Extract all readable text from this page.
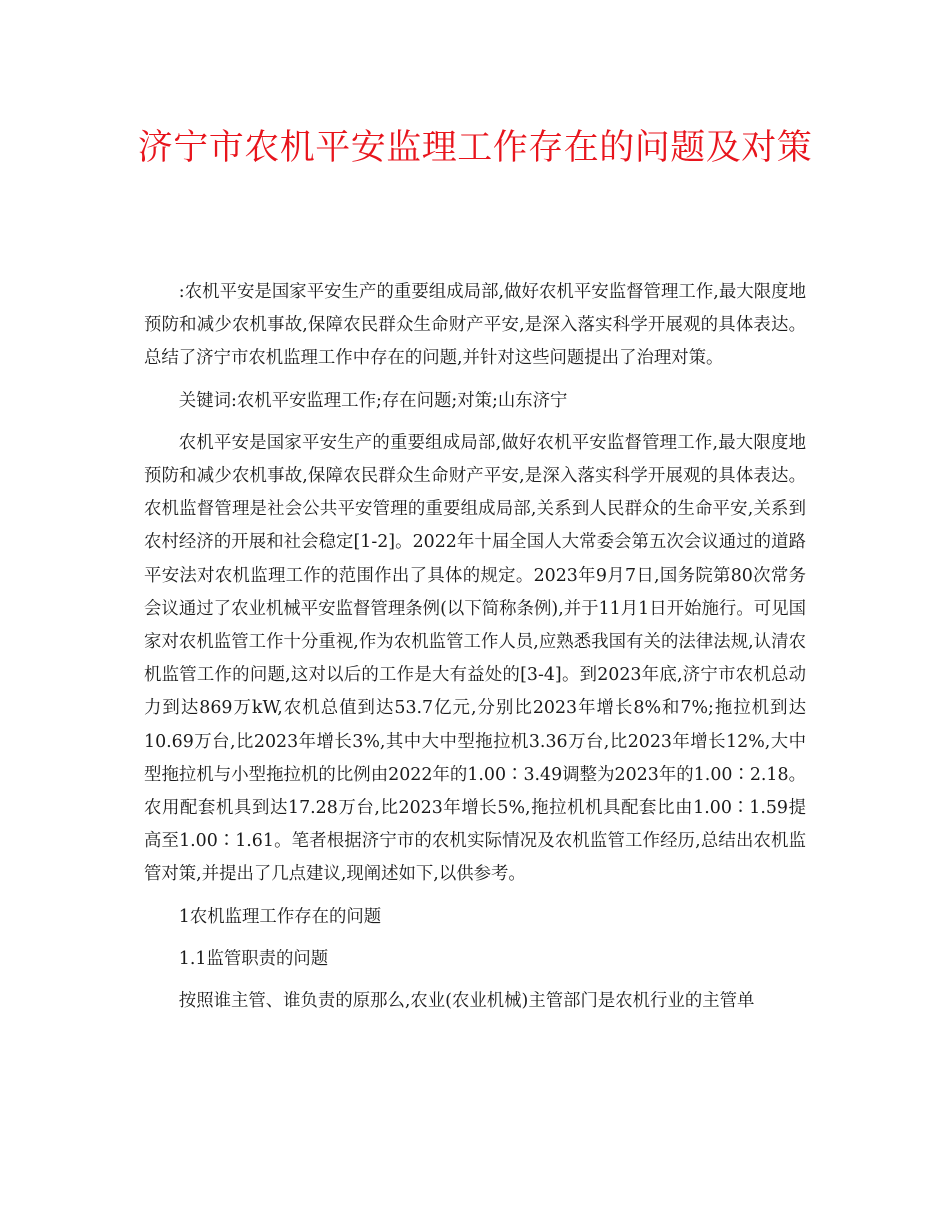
济宁市农机平安监理工作存在的问题及对策

:农机平安是国家平安生产的重要组成局部,做好农机平安监督管理工作,最大限度地预防和减少农机事故,保障农民群众生命财产平安,是深入落实科学开展观的具体表达。总结了济宁市农机监理工作中存在的问题,并针对这些问题提出了治理对策。

关键词:农机平安监理工作;存在问题;对策;山东济宁

农机平安是国家平安生产的重要组成局部,做好农机平安监督管理工作,最大限度地预防和减少农机事故,保障农民群众生命财产平安,是深入落实科学开展观的具体表达。农机监督管理是社会公共平安管理的重要组成局部,关系到人民群众的生命平安,关系到农村经济的开展和社会稳定[1-2]。2022年十届全国人大常委会第五次会议通过的道路平安法对农机监理工作的范围作出了具体的规定。2023年9月7日,国务院第80次常务会议通过了农业机械平安监督管理条例(以下简称条例),并于11月1日开始施行。可见国家对农机监管工作十分重视,作为农机监管工作人员,应熟悉我国有关的法律法规,认清农机监管工作的问题,这对以后的工作是大有益处的[3-4]。到2023年底,济宁市农机总动力到达869万kW,农机总值到达53.7亿元,分别比2023年增长8%和7%;拖拉机到达10.69万台,比2023年增长3%,其中大中型拖拉机3.36万台,比2023年增长12%,大中型拖拉机与小型拖拉机的比例由2022年的1.00∶3.49调整为2023年的1.00∶2.18。农用配套机具到达17.28万台,比2023年增长5%,拖拉机机具配套比由1.00∶1.59提高至1.00∶1.61。笔者根据济宁市的农机实际情况及农机监管工作经历,总结出农机监管对策,并提出了几点建议,现阐述如下,以供参考。

1农机监理工作存在的问题

1.1监管职责的问题

按照谁主管、谁负责的原那么,农业(农业机械)主管部门是农机行业的主管单
